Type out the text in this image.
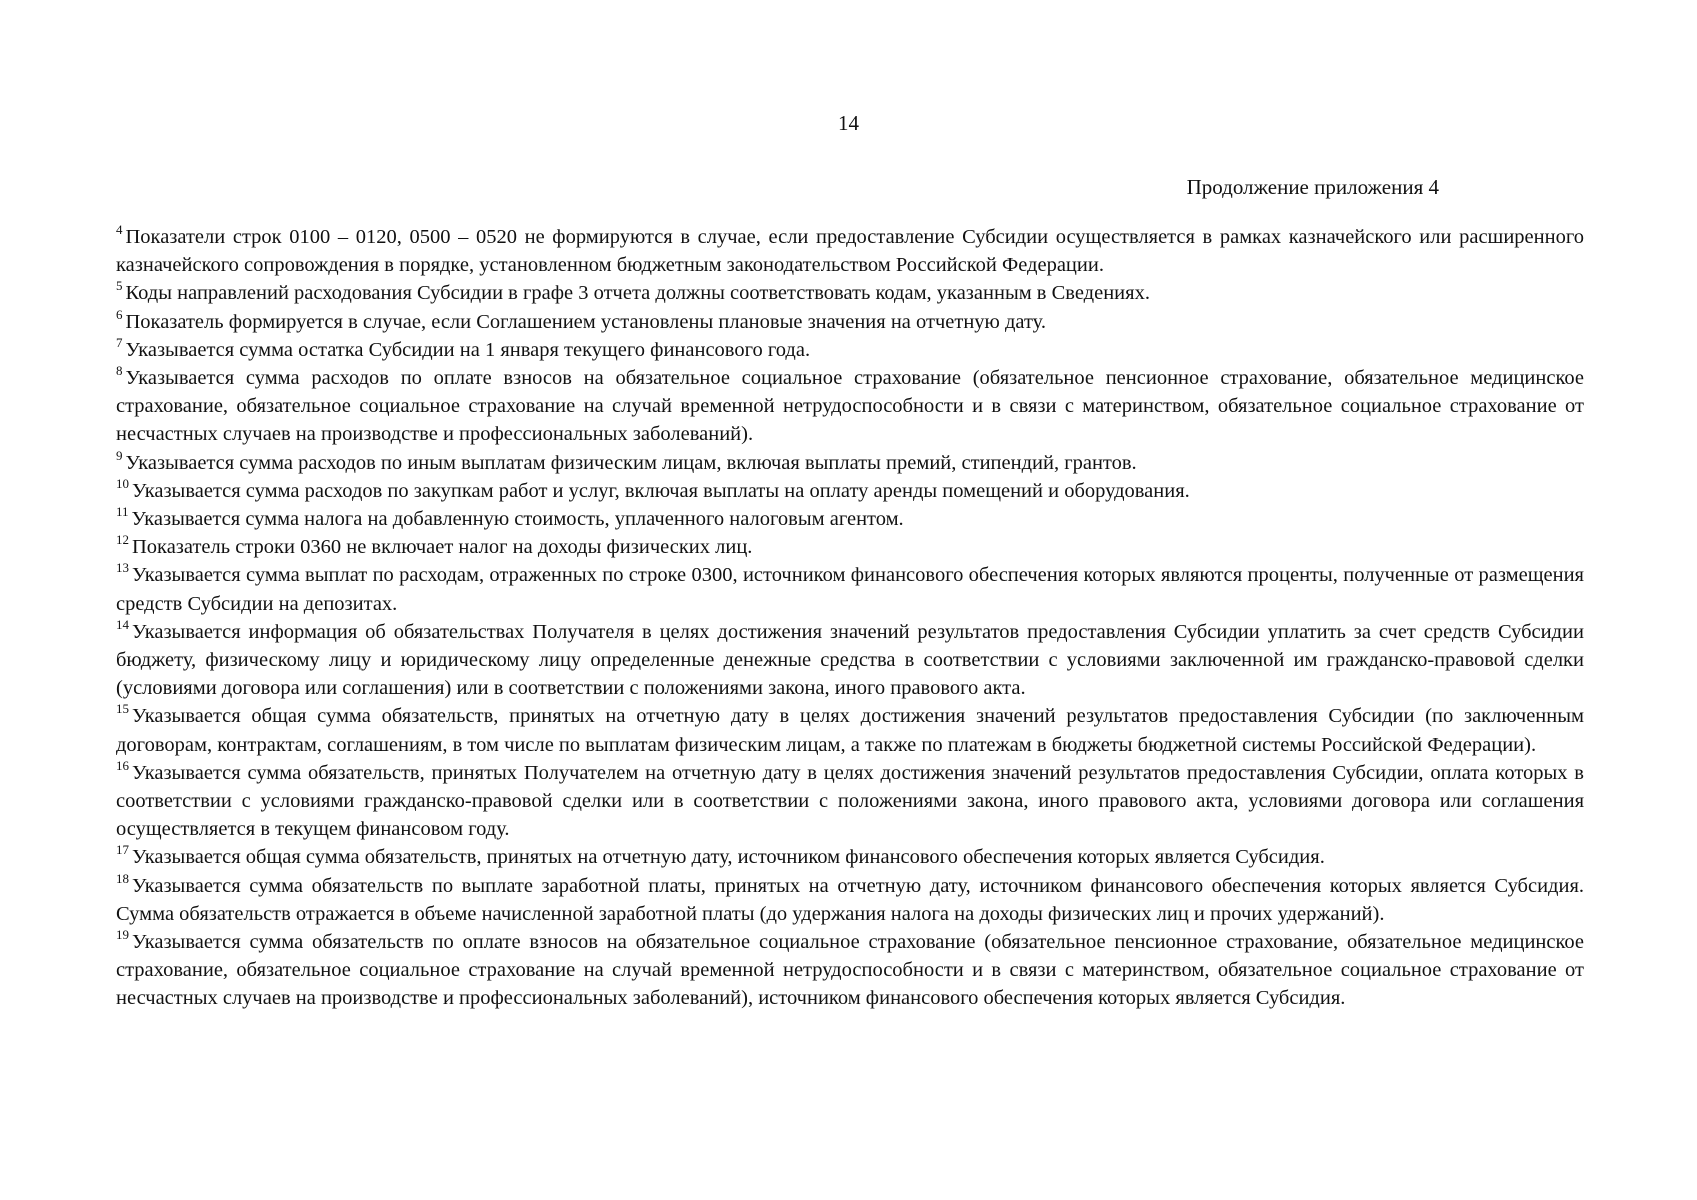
14
Продолжение приложения 4

$^4$ Показатели строк 0100 – 0120, 0500 – 0520 не формируются в случае, если предоставление Субсидии осуществляется в рамках казначейского или расширенного казначейского сопровождения в порядке, установленном бюджетным законодательством Российской Федерации.

$^5$ Коды направлений расходования Субсидии в графе 3 отчета должны соответствовать кодам, указанным в Сведениях.

$^6$ Показатель формируется в случае, если Соглашением установлены плановые значения на отчетную дату.

$^7$ Указывается сумма остатка Субсидии на 1 января текущего финансового года.

$^8$ Указывается сумма расходов по оплате взносов на обязательное социальное страхование (обязательное пенсионное страхование, обязательное медицинское страхование, обязательное социальное страхование на случай временной нетрудоспособности и в связи с материнством, обязательное социальное страхование от несчастных случаев на производстве и профессиональных заболеваний).

$^9$ Указывается сумма расходов по иным выплатам физическим лицам, включая выплаты премий, стипендий, грантов.

$^{10}$ Указывается сумма расходов по закупкам работ и услуг, включая выплаты на оплату аренды помещений и оборудования.

$^{11}$ Указывается сумма налога на добавленную стоимость, уплаченного налоговым агентом.

$^{12}$ Показатель строки 0360 не включает налог на доходы физических лиц.

$^{13}$ Указывается сумма выплат по расходам, отраженных по строке 0300, источником финансового обеспечения которых являются проценты, полученные от размещения средств Субсидии на депозитах.

$^{14}$ Указывается информация об обязательствах Получателя в целях достижения значений результатов предоставления Субсидии уплатить за счет средств Субсидии бюджету, физическому лицу и юридическому лицу определенные денежные средства в соответствии с условиями заключенной им гражданско-правовой сделки (условиями договора или соглашения) или в соответствии с положениями закона, иного правового акта.

$^{15}$ Указывается общая сумма обязательств, принятых на отчетную дату в целях достижения значений результатов предоставления Субсидии (по заключенным договорам, контрактам, соглашениям, в том числе по выплатам физическим лицам, а также по платежам в бюджеты бюджетной системы Российской Федерации).

$^{16}$ Указывается сумма обязательств, принятых Получателем на отчетную дату в целях достижения значений результатов предоставления Субсидии, оплата которых в соответствии с условиями гражданско-правовой сделки или в соответствии с положениями закона, иного правового акта, условиями договора или соглашения осуществляется в текущем финансовом году.

$^{17}$ Указывается общая сумма обязательств, принятых на отчетную дату, источником финансового обеспечения которых является Субсидия.

$^{18}$ Указывается сумма обязательств по выплате заработной платы, принятых на отчетную дату, источником финансового обеспечения которых является Субсидия. Сумма обязательств отражается в объеме начисленной заработной платы (до удержания налога на доходы физических лиц и прочих удержаний).

$^{19}$ Указывается сумма обязательств по оплате взносов на обязательное социальное страхование (обязательное пенсионное страхование, обязательное медицинское страхование, обязательное социальное страхование на случай временной нетрудоспособности и в связи с материнством, обязательное социальное страхование от несчастных случаев на производстве и профессиональных заболеваний), источником финансового обеспечения которых является Субсидия.
